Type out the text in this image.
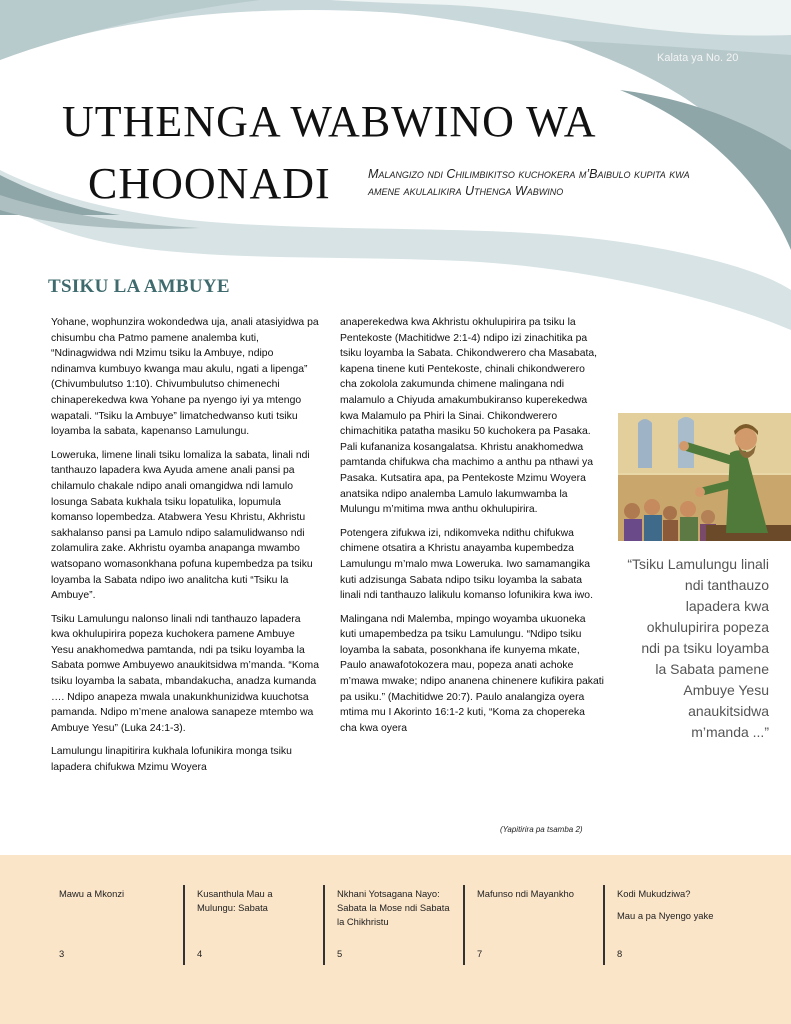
Kalata ya No. 20
UTHENGA WABWINO WA
CHOONADI	Malangizo ndi Chilimbikitso kuchokera m’Baibulo kupita kwa amene akulalikira Uthenga Wabwino
TSIKU LA AMBUYE

Yohane, wophunzira wokondedwa uja, anali atasiyidwa pa chisumbu cha Patmo pamene analemba kuti, “Ndinagwidwa ndi Mzimu tsiku la Ambuye, ndipo ndinamva kumbuyo kwanga mau akulu, ngati a lipenga” (Chivumbulutso 1:10). Chivumbulutso chimenechi chinaperekedwa kwa Yohane pa nyengo iyi ya mtengo wapatali. “Tsiku la Ambuye” limatchedwanso kuti tsiku loyamba la sabata, kapenanso Lamulungu.

Loweruka, limene linali tsiku lomaliza la sabata, linali ndi tanthauzo lapadera kwa Ayuda amene anali pansi pa chilamulo chakale ndipo anali omangidwa ndi lamulo losunga Sabata kukhala tsiku lopatulika, lopumula komanso lopembedza. Atabwera Yesu Khristu, Akhristu sakhalanso pansi pa Lamulo ndipo salamulidwanso ndi zolamulira zake. Akhristu oyamba anapanga mwambo watsopano womasonkhana pofuna kupembedza pa tsiku loyamba la Sabata ndipo iwo analitcha kuti “Tsiku la Ambuye”.

Tsiku Lamulungu nalonso linali ndi tanthauzo lapadera kwa okhulupirira popeza kuchokera pamene Ambuye Yesu anakhomedwa pamtanda, ndi pa tsiku loyamba la Sabata pomwe Ambuyewo anaukitsidwa m’manda. “Koma tsiku loyamba la sabata, mbandakucha, anadza kumanda …. Ndipo anapeza mwala unakunkhunizidwa kuuchotsa pamanda. Ndipo m’mene analowa sanapeze mtembo wa Ambuye Yesu” (Luka 24:1-3).

Lamulungu linapitirira kukhala lofunikira monga tsiku lapadera chifukwa Mzimu Woyera

anaperekedwa kwa Akhristu okhulupirira pa tsiku la Pentekoste (Machitidwe 2:1-4) ndipo izi zinachitika pa tsiku loyamba la Sabata. Chikondwerero cha Masabata, kapena tinene kuti Pentekoste, chinali chikondwerero cha zokolola zakumunda chimene malingana ndi malamulo a Chiyuda amakumbukiranso kuperekedwa kwa Malamulo pa Phiri la Sinai. Chikondwerero chimachitika patatha masiku 50 kuchokera pa Pasaka. Pali kufananiza kosangalatsa. Khristu anakhomedwa pamtanda chifukwa cha machimo a anthu pa nthawi ya Pasaka. Kutsatira apa, pa Pentekoste Mzimu Woyera anatsika ndipo analemba Lamulo lakumwamba la Mulungu m’mitima mwa anthu okhulupirira.

Potengera zifukwa izi, ndikomveka ndithu chifukwa chimene otsatira a Khristu anayamba kupembedza Lamulungu m’malo mwa Loweruka. Iwo samamangika kuti adzisunga Sabata ndipo tsiku loyamba la sabata linali ndi tanthauzo lalikulu komanso lofunikira kwa iwo.

Malingana ndi Malemba, mpingo woyamba ukuoneka kuti umapembedza pa tsiku Lamulungu. “Ndipo tsiku loyamba la sabata, posonkhana ife kunyema mkate, Paulo anawafotokozera mau, popeza anati achoke m’mawa mwake; ndipo ananena chinenere kufikira pakati pa usiku.” (Machitidwe 20:7). Paulo analangiza oyera mtima mu I Akorinto 16:1-2 kuti, “Koma za chopereka cha kwa oyera

(Yapitirira pa tsamba 2)
“Tsiku Lamulungu linali ndi tanthauzo lapadera kwa okhulupirira popeza ndi pa tsiku loyamba la Sabata pamene Ambuye Yesu anaukitsidwa m’manda ...”
Mawu a Mkonzi
3
Kusanthula Mau a Mulungu: Sabata
4
Nkhani Yotsagana Nayo: Sabata la Mose ndi Sabata la Chikhristu
5
Mafunso ndi Mayankho
7
Kodi Mukudziwa?
Mau a pa Nyengo yake
8
